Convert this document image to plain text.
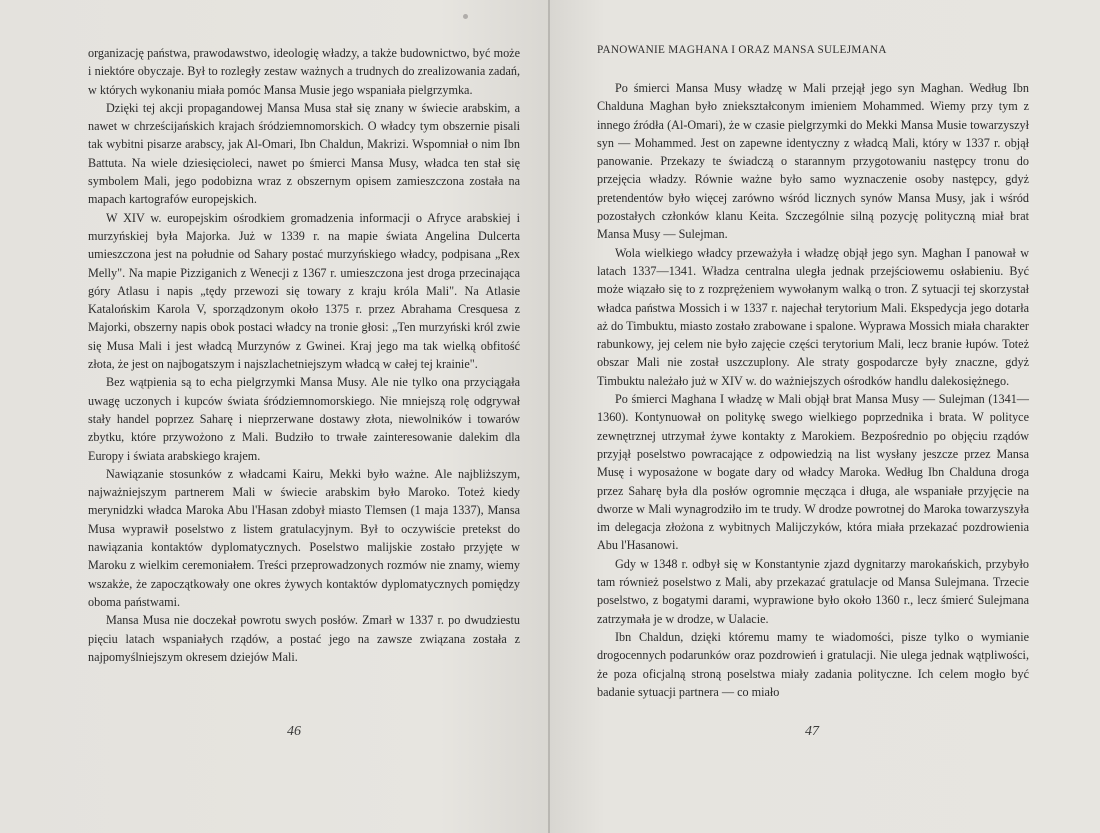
organizację państwa, prawodawstwo, ideologię władzy, a także budownictwo, być może i niektóre obyczaje. Był to rozległy zestaw ważnych a trudnych do zrealizowania zadań, w których wykonaniu miała pomóc Mansa Musie jego wspaniała pielgrzymka.

Dzięki tej akcji propagandowej Mansa Musa stał się znany w świecie arabskim, a nawet w chrześcijańskich krajach śródziemnomorskich. O władcy tym obszernie pisali tak wybitni pisarze arabscy, jak Al-Omari, Ibn Chaldun, Makrizi. Wspomniał o nim Ibn Battuta. Na wiele dziesięcioleci, nawet po śmierci Mansa Musy, władca ten stał się symbolem Mali, jego podobizna wraz z obszernym opisem zamieszczona została na mapach kartografów europejskich.

W XIV w. europejskim ośrodkiem gromadzenia informacji o Afryce arabskiej i murzyńskiej była Majorka. Już w 1339 r. na mapie świata Angelina Dulcerta umieszczona jest na południe od Sahary postać murzyńskiego władcy, podpisana „Rex Melly". Na mapie Pizziganich z Wenecji z 1367 r. umieszczona jest droga przecinająca góry Atlasu i napis „tędy przewozi się towary z kraju króla Mali". Na Atlasie Katalońskim Karola V, sporządzonym około 1375 r. przez Abrahama Cresquesa z Majorki, obszerny napis obok postaci władcy na tronie głosi: „Ten murzyński król zwie się Musa Mali i jest władcą Murzynów z Gwinei. Kraj jego ma tak wielką obfitość złota, że jest on najbogatszym i najszlachetniejszym władcą w całej tej krainie".

Bez wątpienia są to echa pielgrzymki Mansa Musy. Ale nie tylko ona przyciągała uwagę uczonych i kupców świata śródziemnomorskiego. Nie mniejszą rolę odgrywał stały handel poprzez Saharę i nieprzerwane dostawy złota, niewolników i towarów zbytku, które przywożono z Mali. Budziło to trwałe zainteresowanie dalekim dla Europy i świata arabskiego krajem.

Nawiązanie stosunków z władcami Kairu, Mekki było ważne. Ale najbliższym, najważniejszym partnerem Mali w świecie arabskim było Maroko. Toteż kiedy merynidzki władca Maroka Abu l'Hasan zdobył miasto Tlemsen (1 maja 1337), Mansa Musa wyprawił poselstwo z listem gratulacyjnym. Był to oczywiście pretekst do nawiązania kontaktów dyplomatycznych. Poselstwo malijskie zostało przyjęte w Maroku z wielkim ceremoniałem. Treści przeprowadzonych rozmów nie znamy, wiemy wszakże, że zapoczątkowały one okres żywych kontaktów dyplomatycznych pomiędzy oboma państwami.

Mansa Musa nie doczekał powrotu swych posłów. Zmarł w 1337 r. po dwudziestu pięciu latach wspaniałych rządów, a postać jego na zawsze związana została z najpomyślniejszym okresem dziejów Mali.

46
PANOWANIE MAGHANA I ORAZ MANSA SULEJMANA

Po śmierci Mansa Musy władzę w Mali przejął jego syn Maghan. Według Ibn Chalduna Maghan było zniekształconym imieniem Mohammed. Wiemy przy tym z innego źródła (Al-Omari), że w czasie pielgrzymki do Mekki Mansa Musie towarzyszył syn — Mohammed. Jest on zapewne identyczny z władcą Mali, który w 1337 r. objął panowanie. Przekazy te świadczą o starannym przygotowaniu następcy tronu do przejęcia władzy. Równie ważne było samo wyznaczenie osoby następcy, gdyż pretendentów było więcej zarówno wśród licznych synów Mansa Musy, jak i wśród pozostałych członków klanu Keita. Szczególnie silną pozycję polityczną miał brat Mansa Musy — Sulejman.

Wola wielkiego władcy przeważyła i władzę objął jego syn. Maghan I panował w latach 1337—1341. Władza centralna uległa jednak przejściowemu osłabieniu. Być może wiązało się to z rozprężeniem wywołanym walką o tron. Z sytuacji tej skorzystał władca państwa Mossich i w 1337 r. najechał terytorium Mali. Ekspedycja jego dotarła aż do Timbuktu, miasto zostało zrabowane i spalone. Wyprawa Mossich miała charakter rabunkowy, jej celem nie było zajęcie części terytorium Mali, lecz branie łupów. Toteż obszar Mali nie został uszczuplony. Ale straty gospodarcze były znaczne, gdyż Timbuktu należało już w XIV w. do ważniejszych ośrodków handlu dalekosiężnego.

Po śmierci Maghana I władzę w Mali objął brat Mansa Musy — Sulejman (1341—1360). Kontynuował on politykę swego wielkiego poprzednika i brata. W polityce zewnętrznej utrzymał żywe kontakty z Marokiem. Bezpośrednio po objęciu rządów przyjął poselstwo powracające z odpowiedzią na list wysłany jeszcze przez Mansa Musę i wyposażone w bogate dary od władcy Maroka. Według Ibn Chalduna droga przez Saharę była dla posłów ogromnie męcząca i długa, ale wspaniałe przyjęcie na dworze w Mali wynagrodziło im te trudy. W drodze powrotnej do Maroka towarzyszyła im delegacja złożona z wybitnych Malijczyków, która miała przekazać pozdrowienia Abu l'Hasanowi.

Gdy w 1348 r. odbył się w Konstantynie zjazd dygnitarzy marokańskich, przybyło tam również poselstwo z Mali, aby przekazać gratulacje od Mansa Sulejmana. Trzecie poselstwo, z bogatymi darami, wyprawione było około 1360 r., lecz śmierć Sulejmana zatrzymała je w drodze, w Ualacie.

Ibn Chaldun, dzięki któremu mamy te wiadomości, pisze tylko o wymianie drogocennych podarunków oraz pozdrowień i gratulacji. Nie ulega jednak wątpliwości, że poza oficjalną stroną poselstwa miały zadania polityczne. Ich celem mogło być badanie sytuacji partnera — co miało

47
